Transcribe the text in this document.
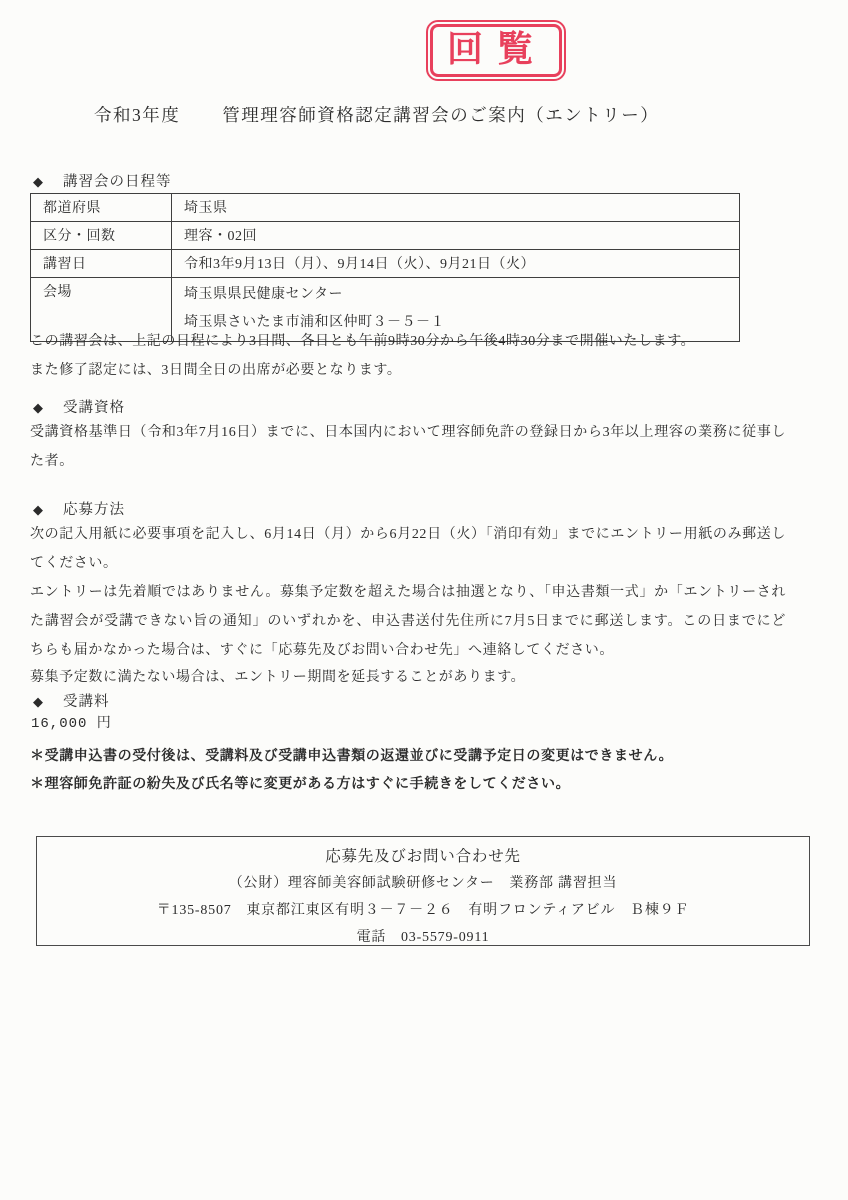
回覧
令和3年度 管理理容師資格認定講習会のご案内（エントリー）
◆ 講習会の日程等
都道府県	埼玉県
区分・回数	理容・02回
講習日	令和3年9月13日（月）、9月14日（火）、9月21日（火）
会場	埼玉県県民健康センター
埼玉県さいたま市浦和区仲町３－５－１
この講習会は、上記の日程により3日間、各日とも午前9時30分から午後4時30分まで開催いたします。
また修了認定には、3日間全日の出席が必要となります。
◆ 受講資格
受講資格基準日（令和3年7月16日）までに、日本国内において理容師免許の登録日から3年以上理容の業務に従事した者。
◆ 応募方法
次の記入用紙に必要事項を記入し、6月14日（月）から6月22日（火）「消印有効」までにエントリー用紙のみ郵送してください。
エントリーは先着順ではありません。募集予定数を超えた場合は抽選となり、「申込書類一式」か「エントリーされた講習会が受講できない旨の通知」のいずれかを、申込書送付先住所に7月5日までに郵送します。この日までにどちらも届かなかった場合は、すぐに「応募先及びお問い合わせ先」へ連絡してください。
募集予定数に満たない場合は、エントリー期間を延長することがあります。
◆ 受講料
16,000 円
＊受講申込書の受付後は、受講料及び受講申込書類の返還並びに受講予定日の変更はできません。
＊理容師免許証の紛失及び氏名等に変更がある方はすぐに手続きをしてください。
応募先及びお問い合わせ先
（公財）理容師美容師試験研修センター　業務部 講習担当
〒135-8507　東京都江東区有明３－７－２６　有明フロンティアビル　Ｂ棟９Ｆ
電話　03-5579-0911
